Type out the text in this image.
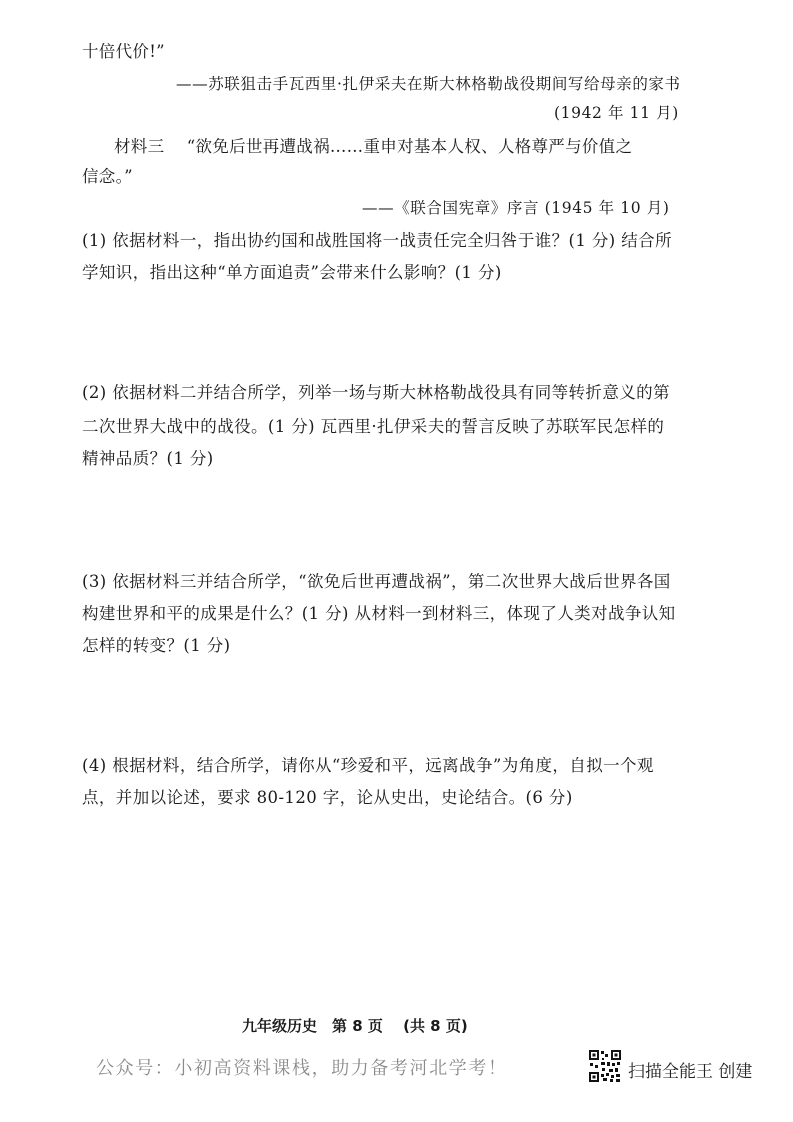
十倍代价!”
——苏联狙击手瓦西里·扎伊采夫在斯大林格勒战役期间写给母亲的家书
(1942 年 11 月)
材料三　 “欲免后世再遭战祸……重申对基本人权、人格尊严与价值之
信念。”
——《联合国宪章》序言 (1945 年 10 月)
(1) 依据材料一，指出协约国和战胜国将一战责任完全归咎于谁？(1 分) 结合所
学知识，指出这种“单方面追责”会带来什么影响？(1 分)
(2) 依据材料二并结合所学，列举一场与斯大林格勒战役具有同等转折意义的第
二次世界大战中的战役。(1 分) 瓦西里·扎伊采夫的誓言反映了苏联军民怎样的
精神品质？(1 分)
(3) 依据材料三并结合所学，“欲免后世再遭战祸”，第二次世界大战后世界各国
构建世界和平的成果是什么？(1 分) 从材料一到材料三，体现了人类对战争认知
怎样的转变？(1 分)
(4) 根据材料，结合所学，请你从“珍爱和平，远离战争”为角度，自拟一个观
点，并加以论述，要求 80-120 字，论从史出，史论结合。(6 分)
九年级历史　第 8 页　 (共 8 页)
公众号：小初高资料课栈，助力备考河北学考！	扫描全能王 创建
